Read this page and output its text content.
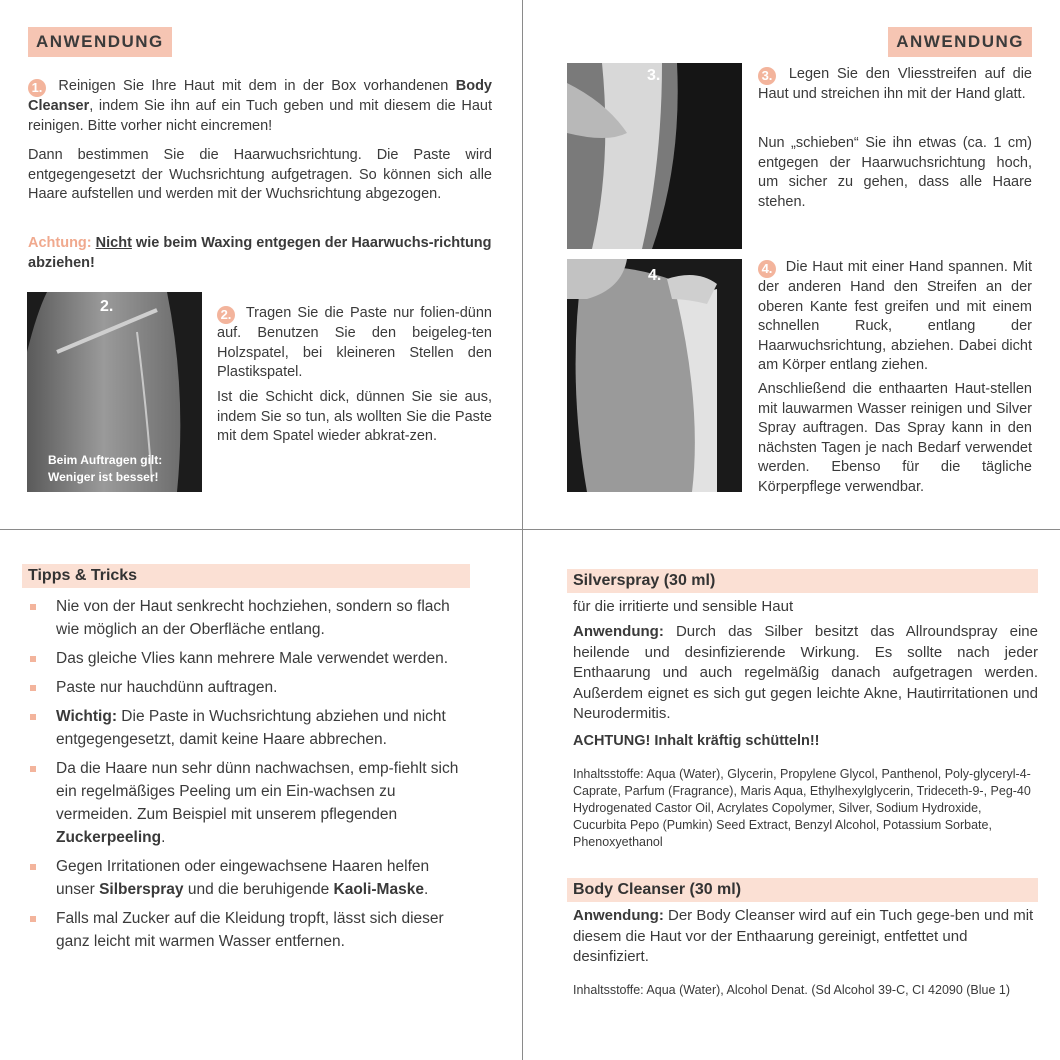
ANWENDUNG
1. Reinigen Sie Ihre Haut mit dem in der Box vorhandenen Body Cleanser, indem Sie ihn auf ein Tuch geben und mit diesem die Haut reinigen. Bitte vorher nicht eincremen!
Dann bestimmen Sie die Haarwuchsrichtung. Die Paste wird entgegengesetzt der Wuchsrichtung aufgetragen. So können sich alle Haare aufstellen und werden mit der Wuchsrichtung abgezogen.
Achtung: Nicht wie beim Waxing entgegen der Haarwuchs-richtung abziehen!
2.
Beim Auftragen gilt:
Weniger ist besser!
2. Tragen Sie die Paste nur folien-dünn auf. Benutzen Sie den beigeleg-ten Holzspatel, bei kleineren Stellen den Plastikspatel.
Ist die Schicht dick, dünnen Sie sie aus, indem Sie so tun, als wollten Sie die Paste mit dem Spatel wieder abkrat-zen.
ANWENDUNG
3.	3. Legen Sie den Vliesstreifen auf die Haut und streichen ihn mit der Hand glatt.
Nun „schieben“ Sie ihn etwas (ca. 1 cm) entgegen der Haarwuchsrichtung hoch, um sicher zu gehen, dass alle Haare stehen.
4.	4. Die Haut mit einer Hand spannen. Mit der anderen Hand den Streifen an der oberen Kante fest greifen und mit einem schnellen Ruck, entlang der Haarwuchsrichtung, abziehen. Dabei dicht am Körper entlang ziehen.
Anschließend die enthaarten Haut-stellen mit lauwarmen Wasser reinigen und Silver Spray auftragen. Das Spray kann in den nächsten Tagen je nach Bedarf verwendet werden. Ebenso für die tägliche Körperpflege verwendbar.
Tipps & Tricks
Nie von der Haut senkrecht hochziehen, sondern so flach wie möglich an der Oberfläche entlang.
Das gleiche Vlies kann mehrere Male verwendet werden.
Paste nur hauchdünn auftragen.
Wichtig: Die Paste in Wuchsrichtung abziehen und nicht entgegengesetzt, damit keine Haare abbrechen.
Da die Haare nun sehr dünn nachwachsen, emp-fiehlt sich ein regelmäßiges Peeling um ein Ein-wachsen zu vermeiden. Zum Beispiel mit unserem pflegenden Zuckerpeeling.
Gegen Irritationen oder eingewachsene Haaren helfen unser Silberspray und die beruhigende Kaoli-Maske.
Falls mal Zucker auf die Kleidung tropft, lässt sich dieser ganz leicht mit warmen Wasser entfernen.
Silverspray (30 ml)
für die irritierte und sensible Haut
Anwendung: Durch das Silber besitzt das Allroundspray eine heilende und desinfizierende Wirkung. Es sollte nach jeder Enthaarung und auch regelmäßig danach aufgetragen werden. Außerdem eignet es sich gut gegen leichte Akne, Hautirritationen und Neurodermitis.
ACHTUNG! Inhalt kräftig schütteln!!
Inhaltsstoffe: Aqua (Water), Glycerin, Propylene Glycol, Panthenol, Poly-glyceryl-4-Caprate, Parfum (Fragrance), Maris Aqua, Ethylhexylglycerin, Trideceth-9-, Peg-40 Hydrogenated Castor Oil, Acrylates Copolymer, Silver, Sodium Hydroxide, Cucurbita Pepo (Pumkin) Seed Extract, Benzyl Alcohol, Potassium Sorbate, Phenoxyethanol
Body Cleanser (30 ml)
Anwendung: Der Body Cleanser wird auf ein Tuch gege-ben und mit diesem die Haut vor der Enthaarung gereinigt, entfettet und desinfiziert.
Inhaltsstoffe: Aqua (Water), Alcohol Denat. (Sd Alcohol 39-C, CI 42090 (Blue 1)
